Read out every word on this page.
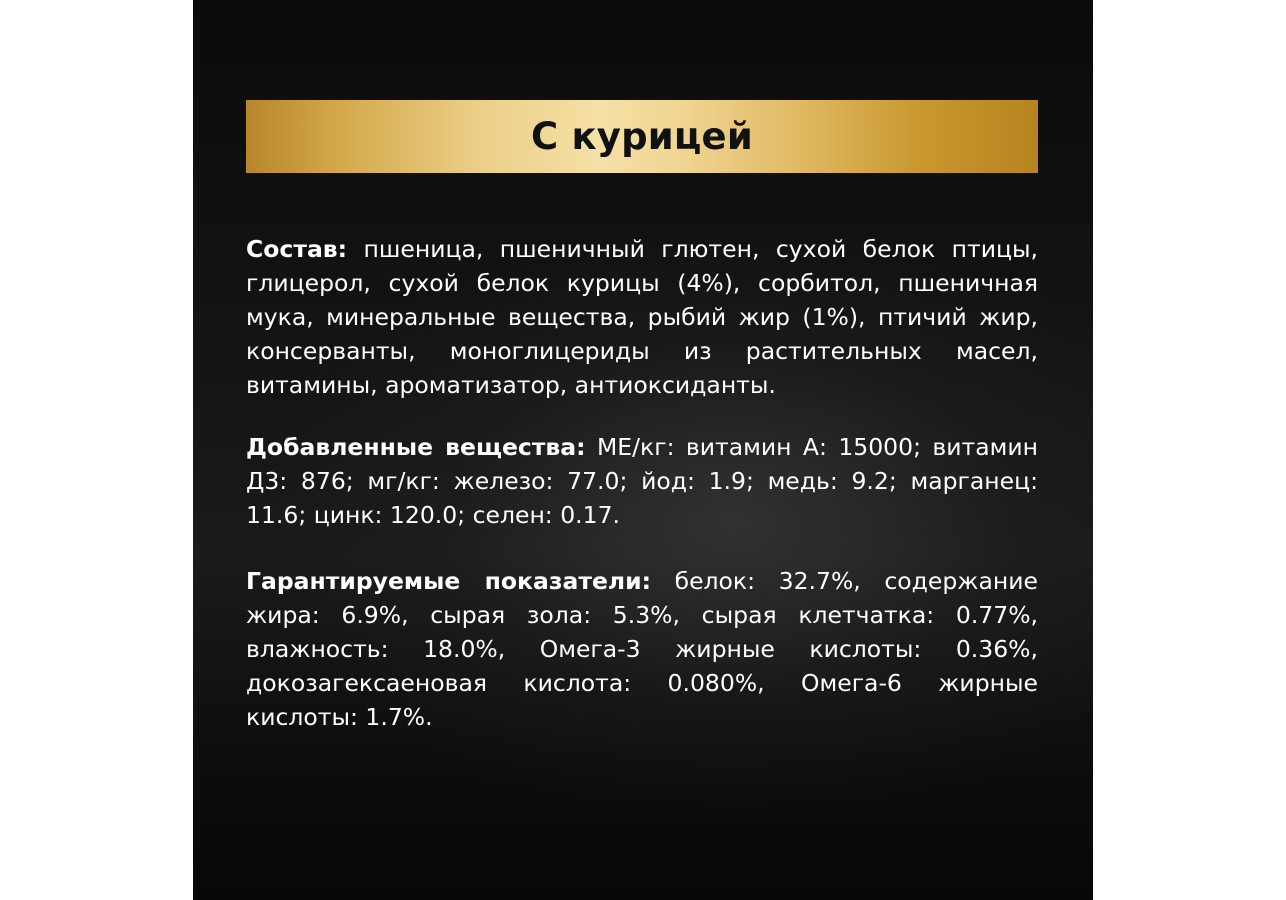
С курицей
Состав: пшеница, пшеничный глютен, сухой белок птицы, глицерол, сухой белок курицы (4%), сорбитол, пшеничная мука, минеральные вещества, рыбий жир (1%), птичий жир, консерванты, моноглицериды из растительных масел, витамины, ароматизатор, антиоксиданты.
Добавленные вещества: МЕ/кг: витамин А: 15000; витамин Д3: 876; мг/кг: железо: 77.0; йод: 1.9; медь: 9.2; марганец: 11.6; цинк: 120.0; селен: 0.17.
Гарантируемые показатели: белок: 32.7%, содержание жира: 6.9%, сырая зола: 5.3%, сырая клетчатка: 0.77%, влажность: 18.0%, Омега-3 жирные кислоты: 0.36%, докозагексаеновая кислота: 0.080%, Омега-6 жирные кислоты: 1.7%.
